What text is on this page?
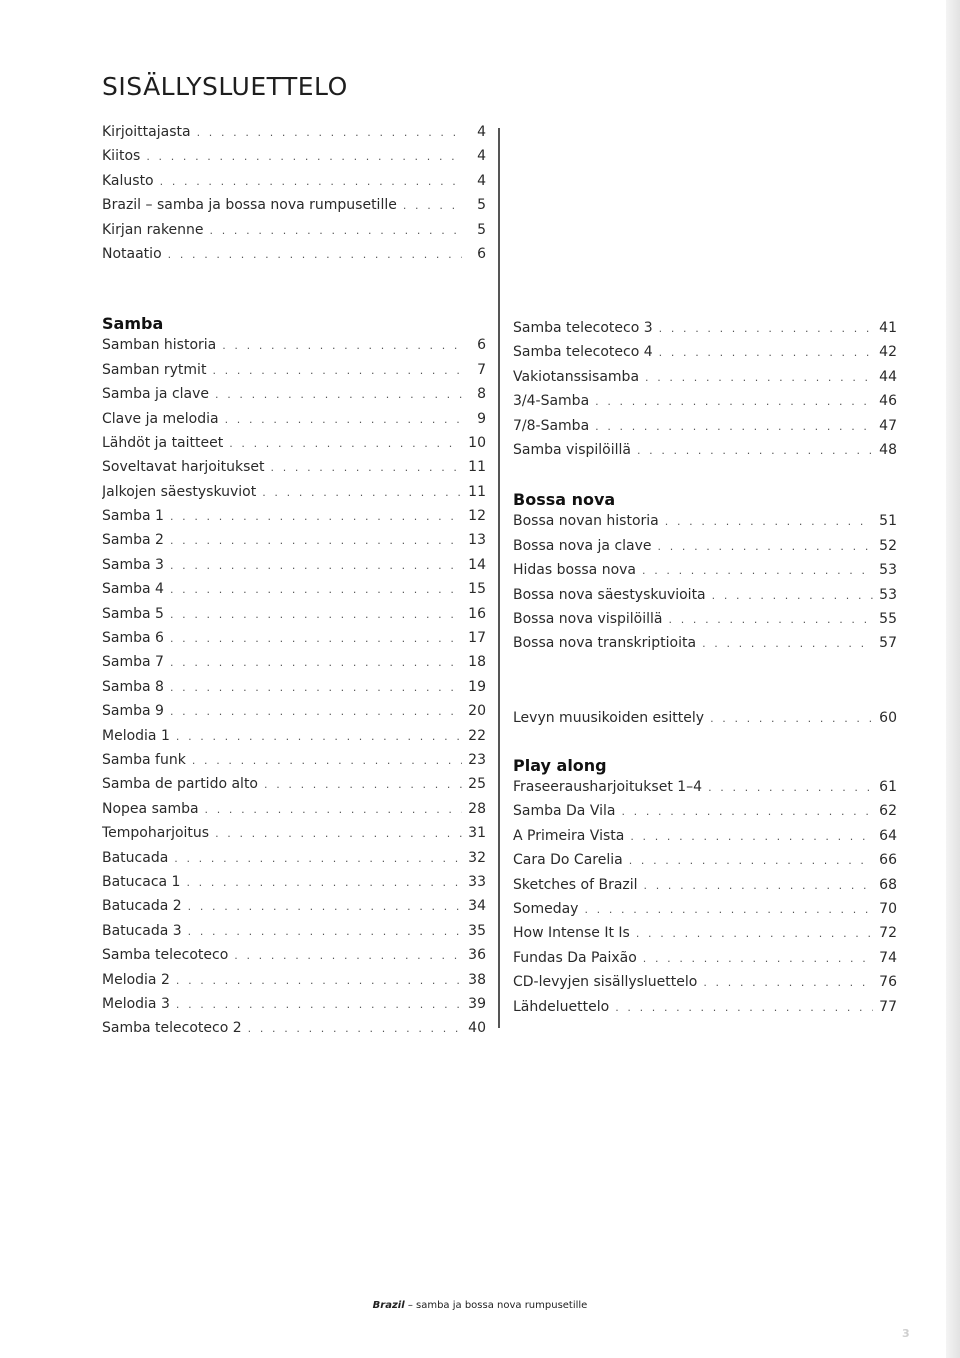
SISÄLLYSLUETTELO
Kirjoittajasta . . .	4
Kiitos . . .	4
Kalusto . . .	4
Brazil – samba ja bossa nova rumpusetille . . .	5
Kirjan rakenne . . .	5
Notaatio . . .	6
Samba
Samban historia . . .	6
Samban rytmit . . .	7
Samba ja clave . . .	8
Clave ja melodia . . .	9
Lähdöt ja taitteet . . .	10
Soveltavat harjoitukset . . .	11
Jalkojen säestyskuviot . . .	11
Samba 1 . . .	12
Samba 2 . . .	13
Samba 3 . . .	14
Samba 4 . . .	15
Samba 5 . . .	16
Samba 6 . . .	17
Samba 7 . . .	18
Samba 8 . . .	19
Samba 9 . . .	20
Melodia 1 . . .	22
Samba funk . . .	23
Samba de partido alto . . .	25
Nopea samba . . .	28
Tempoharjoitus . . .	31
Batucada . . .	32
Batucaca 1 . . .	33
Batucada 2 . . .	34
Batucada 3 . . .	35
Samba telecoteco . . .	36
Melodia 2 . . .	38
Melodia 3 . . .	39
Samba telecoteco 2 . . .	40
Samba telecoteco 3 . . .	41
Samba telecoteco 4 . . .	42
Vakiotanssisamba . . .	44
3/4-Samba . . .	46
7/8-Samba . . .	47
Samba vispilöillä . . .	48
Bossa nova
Bossa novan historia . . .	51
Bossa nova ja clave . . .	52
Hidas bossa nova . . .	53
Bossa nova säestyskuvioita . . .	53
Bossa nova vispilöillä . . .	55
Bossa nova transkriptioita . . .	57
Levyn muusikoiden esittely . . .	60
Play along
Fraseerausharjoitukset 1–4 . . .	61
Samba Da Vila . . .	62
A Primeira Vista . . .	64
Cara Do Carelia . . .	66
Sketches of Brazil . . .	68
Someday . . .	70
How Intense It Is . . .	72
Fundas Da Paixão . . .	74
CD-levyjen sisällysluettelo . . .	76
Lähdeluettelo . . .	77
Brazil – samba ja bossa nova rumpusetille
3
